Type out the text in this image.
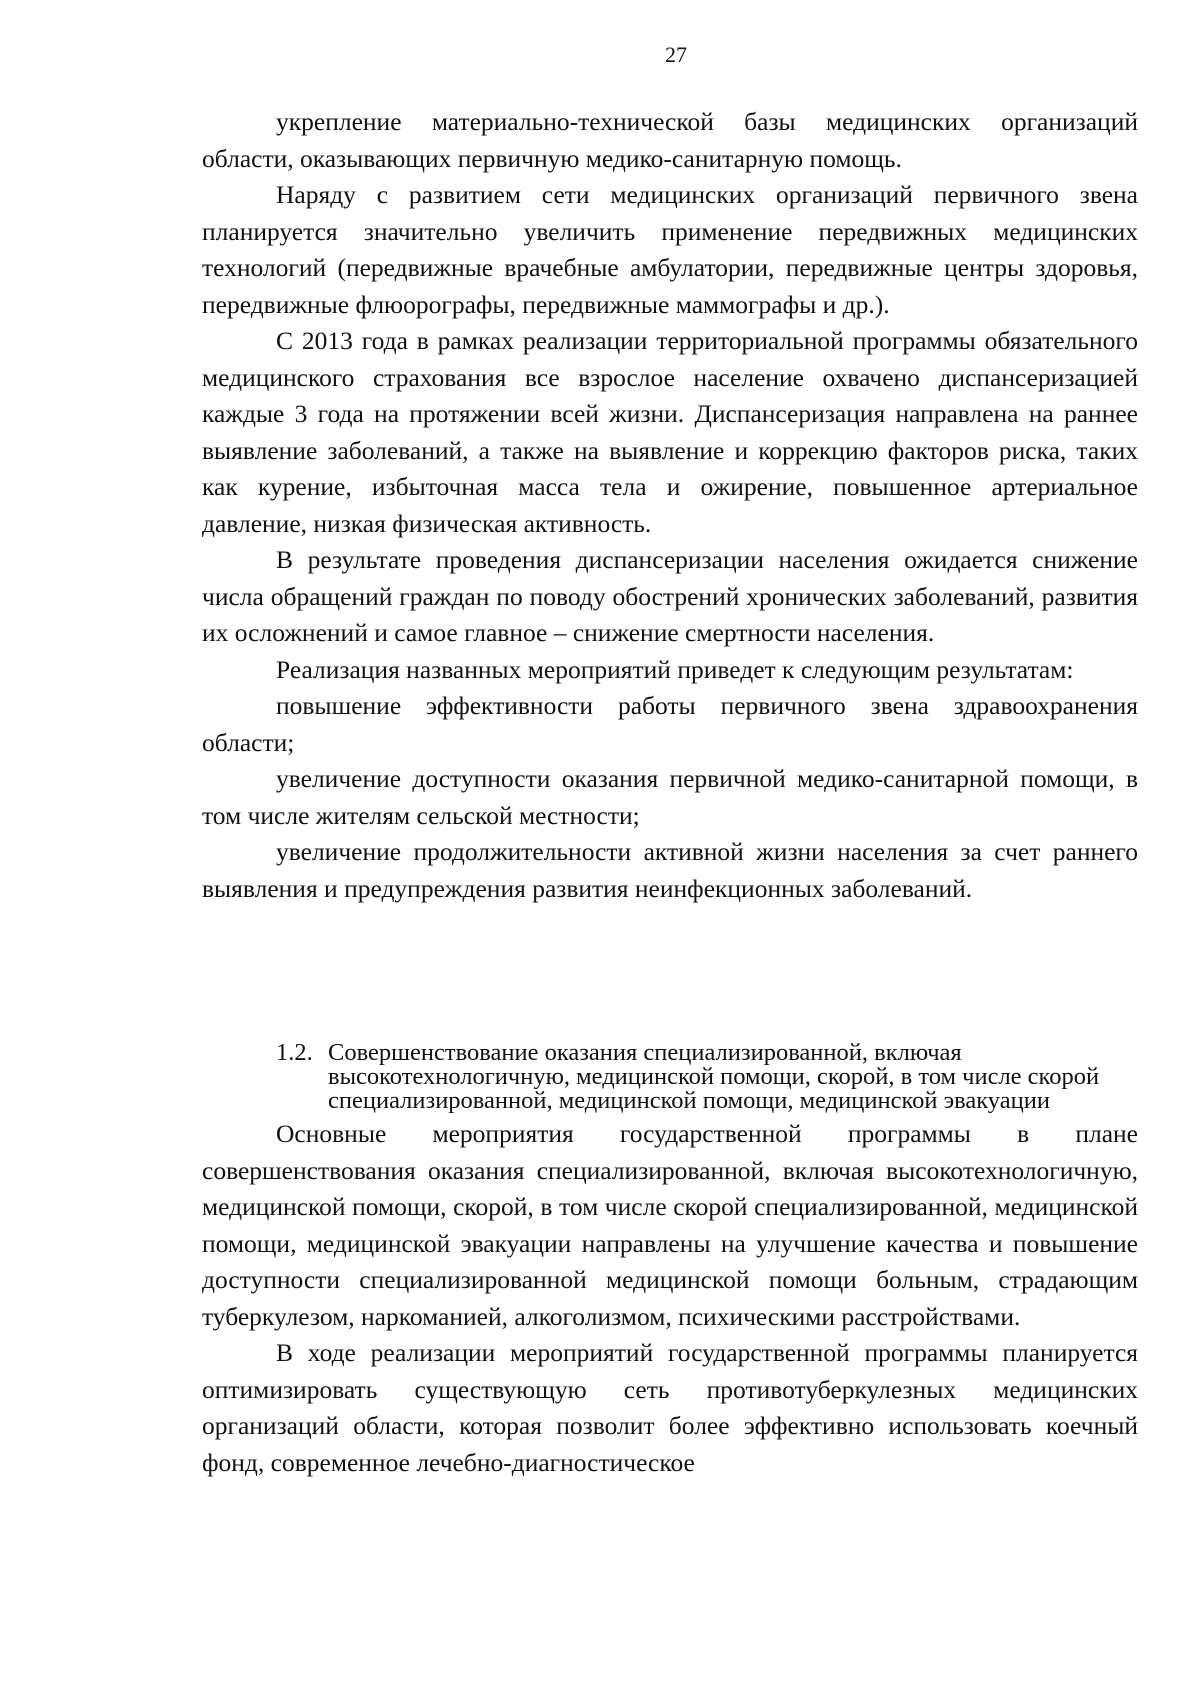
27

укрепление материально-технической базы медицинских организаций области, оказывающих первичную медико-санитарную помощь.

Наряду с развитием сети медицинских организаций первичного звена планируется значительно увеличить применение передвижных медицинских технологий (передвижные врачебные амбулатории, передвижные центры здоровья, передвижные флюорографы, передвижные маммографы и др.).

С 2013 года в рамках реализации территориальной программы обязательного медицинского страхования все взрослое население охвачено диспансеризацией каждые 3 года на протяжении всей жизни. Диспансеризация направлена на раннее выявление заболеваний, а также на выявление и коррекцию факторов риска, таких как курение, избыточная масса тела и ожирение, повышенное артериальное давление, низкая физическая активность.

В результате проведения диспансеризации населения ожидается снижение числа обращений граждан по поводу обострений хронических заболеваний, развития их осложнений и самое главное – снижение смертности населения.

Реализация названных мероприятий приведет к следующим результатам:

повышение эффективности работы первичного звена здравоохранения области;

увеличение доступности оказания первичной медико-санитарной помощи, в том числе жителям сельской местности;

увеличение продолжительности активной жизни населения за счет раннего выявления и предупреждения развития неинфекционных заболеваний.

1.2. Совершенствование оказания специализированной, включая высокотехнологичную, медицинской помощи, скорой, в том числе скорой специализированной, медицинской помощи, медицинской эвакуации

Основные мероприятия государственной программы в плане совершенствования оказания специализированной, включая высокотехнологичную, медицинской помощи, скорой, в том числе скорой специализированной, медицинской помощи, медицинской эвакуации направлены на улучшение качества и повышение доступности специализированной медицинской помощи больным, страдающим туберкулезом, наркоманией, алкоголизмом, психическими расстройствами.

В ходе реализации мероприятий государственной программы планируется оптимизировать существующую сеть противотуберкулезных медицинских организаций области, которая позволит более эффективно использовать коечный фонд, современное лечебно-диагностическое
